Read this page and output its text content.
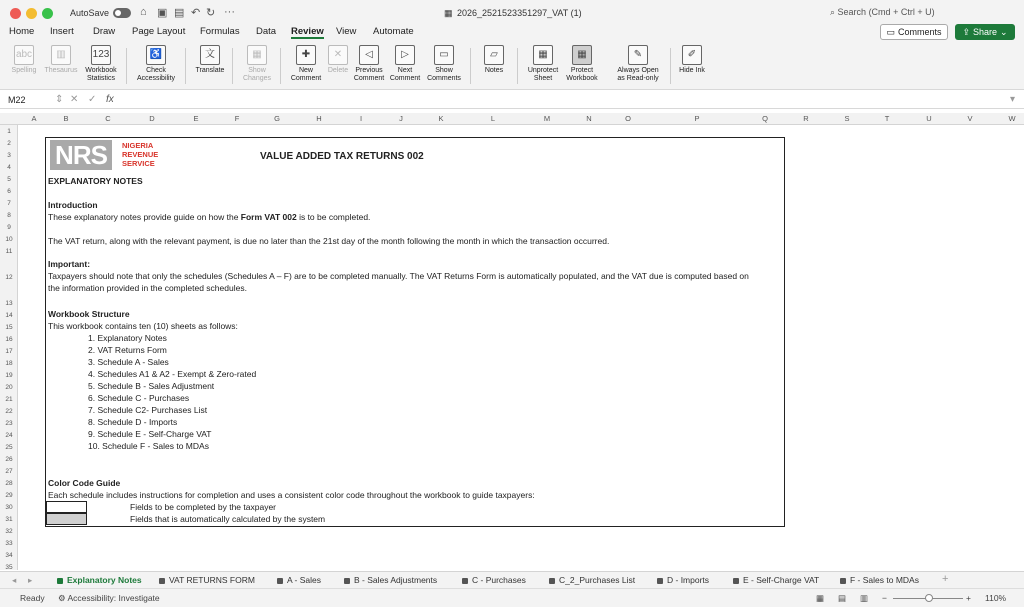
AutoSave	⌂ ▣ ▤ ↶ ↻ ···	▦ 2026_2521523351297_VAT (1)	⌕ Search (Cmd + Ctrl + U)
Home Insert Draw Page Layout Formulas Data Review View Automate	▭ Comments ⇪ Share ⌄
abc
Spelling
▥
Thesaurus
123
Workbook
Statistics
♿
Check
Accessibility
文
Translate
▦
Show
Changes
✚
New
Comment
✕
Delete
◁
Previous
Comment
▷
Next
Comment
▭
Show
Comments
▱
Notes
▦
Unprotect
Sheet
▦
Protect
Workbook
✎
Always Open
as Read-only
✐
Hide Ink
M22	⇕ ✕ ✓ fx	▾
A	B	C	D	E	F	G	H	I	J	K	L	M	N	O	P	Q	R	S	T	U	V	W
1
2
3
4
5
6
7
8
9
10
11
12
13
14
15
16
17
18
19
20
21
22
23
24
25
26
27
28
29
30
31
32
33
34
35
NRS	NIGERIA
REVENUE
SERVICE
VALUE ADDED TAX RETURNS 002
EXPLANATORY NOTES
Introduction
These explanatory notes provide guide on how the Form VAT 002 is to be completed.
The VAT return, along with the relevant payment, is due no later than the 21st day of the month following the month in which the transaction occurred.
Important:
Taxpayers should note that only the schedules (Schedules A – F) are to be completed manually. The VAT Returns Form is automatically populated, and the VAT due is computed based on
the information provided in the completed schedules.
Workbook Structure
This workbook contains ten (10) sheets as follows:
1. Explanatory Notes
2. VAT Returns Form
3. Schedule A - Sales
4. Schedules A1 & A2 - Exempt & Zero-rated
5. Schedule B - Sales Adjustment
6. Schedule C - Purchases
7. Schedule C2- Purchases List
8. Schedule D - Imports
9. Schedule E - Self-Charge VAT
10. Schedule F - Sales to MDAs
Color Code Guide
Each schedule includes instructions for completion and uses a consistent color code throughout the workbook to guide taxpayers:
Fields to be completed by the taxpayer
Fields that is automatically calculated by the system
◂ ▸	Explanatory Notes	VAT RETURNS FORM	A - Sales	B - Sales Adjustments	C - Purchases	C_2_Purchases List	D - Imports	E - Self-Charge VAT	F - Sales to MDAs +
Ready ⚙ Accessibility: Investigate	▦ ▤ ▥ −	+ 110%
